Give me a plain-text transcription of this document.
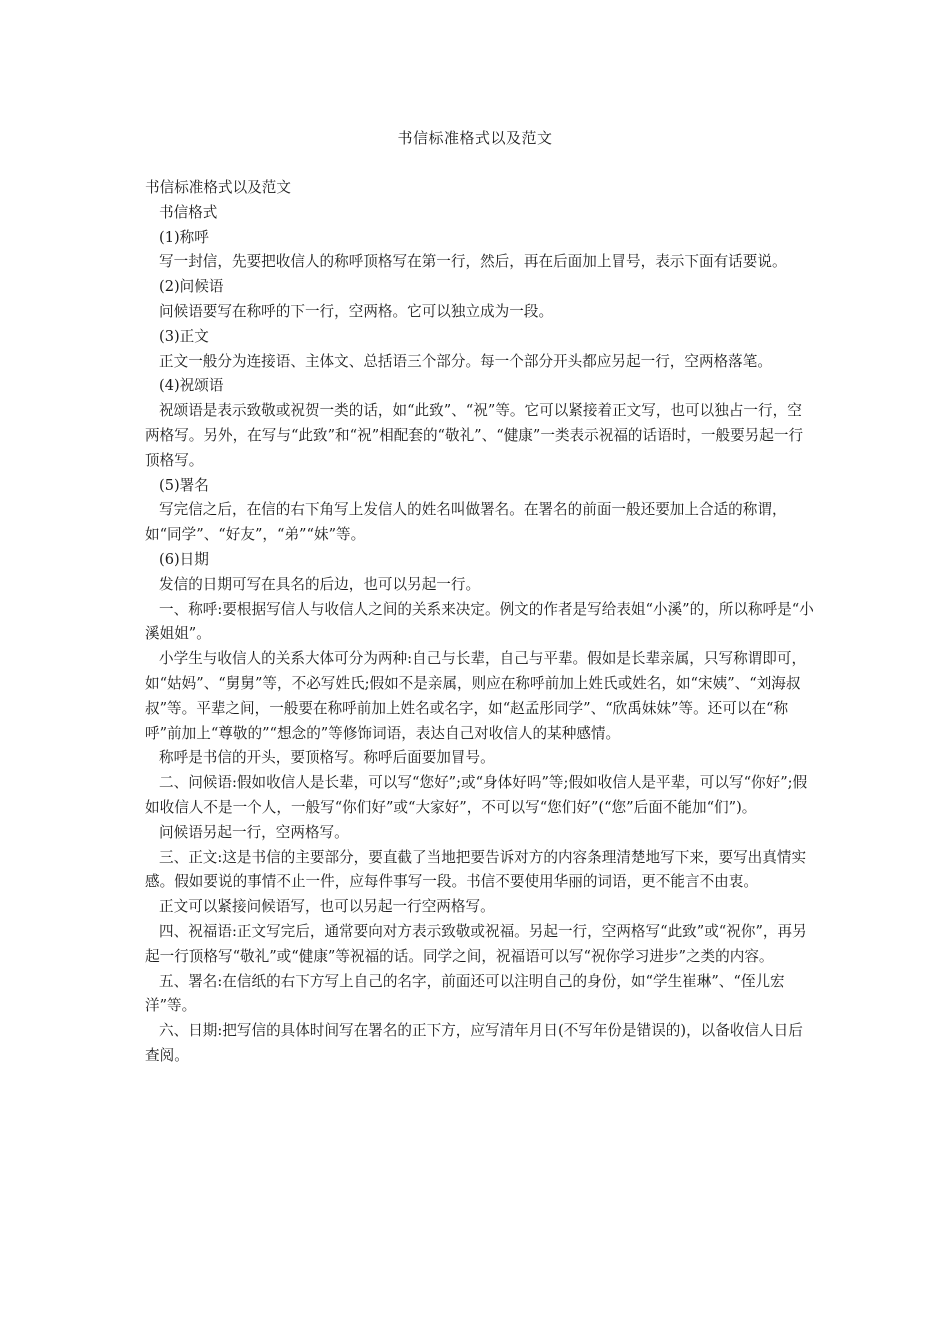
书信标准格式以及范文

书信标准格式以及范文

书信格式

(1)称呼

写一封信，先要把收信人的称呼顶格写在第一行，然后，再在后面加上冒号，表示下面有话要说。

(2)问候语

问候语要写在称呼的下一行，空两格。它可以独立成为一段。

(3)正文

正文一般分为连接语、主体文、总括语三个部分。每一个部分开头都应另起一行，空两格落笔。

(4)祝颂语

祝颂语是表示致敬或祝贺一类的话，如“此致”、“祝”等。它可以紧接着正文写，也可以独占一行，空两格写。另外，在写与“此致”和“祝”相配套的“敬礼”、“健康”一类表示祝福的话语时，一般要另起一行顶格写。

(5)署名

写完信之后，在信的右下角写上发信人的姓名叫做署名。在署名的前面一般还要加上合适的称谓，如“同学”、“好友”，“弟”“妹”等。

(6)日期

发信的日期可写在具名的后边，也可以另起一行。

一、称呼:要根据写信人与收信人之间的关系来决定。例文的作者是写给表姐“小溪”的，所以称呼是“小溪姐姐”。

小学生与收信人的关系大体可分为两种:自己与长辈，自己与平辈。假如是长辈亲属，只写称谓即可，如“姑妈”、“舅舅”等，不必写姓氏;假如不是亲属，则应在称呼前加上姓氏或姓名，如“宋姨”、“刘海叔叔”等。平辈之间，一般要在称呼前加上姓名或名字，如“赵孟彤同学”、“欣禹妹妹”等。还可以在“称呼”前加上“尊敬的”“想念的”等修饰词语，表达自己对收信人的某种感情。

称呼是书信的开头，要顶格写。称呼后面要加冒号。

二、问候语:假如收信人是长辈，可以写“您好”;或“身体好吗”等;假如收信人是平辈，可以写“你好”;假如收信人不是一个人，一般写“你们好”或“大家好”，不可以写“您们好”(“您”后面不能加“们”)。

问候语另起一行，空两格写。

三、正文:这是书信的主要部分，要直截了当地把要告诉对方的内容条理清楚地写下来，要写出真情实感。假如要说的事情不止一件，应每件事写一段。书信不要使用华丽的词语，更不能言不由衷。

正文可以紧接问候语写，也可以另起一行空两格写。

四、祝福语:正文写完后，通常要向对方表示致敬或祝福。另起一行，空两格写“此致”或“祝你”，再另起一行顶格写“敬礼”或“健康”等祝福的话。同学之间，祝福语可以写“祝你学习进步”之类的内容。

五、署名:在信纸的右下方写上自己的名字，前面还可以注明自己的身份，如“学生崔琳”、“侄儿宏洋”等。

六、日期:把写信的具体时间写在署名的正下方，应写清年月日(不写年份是错误的)，以备收信人日后查阅。
